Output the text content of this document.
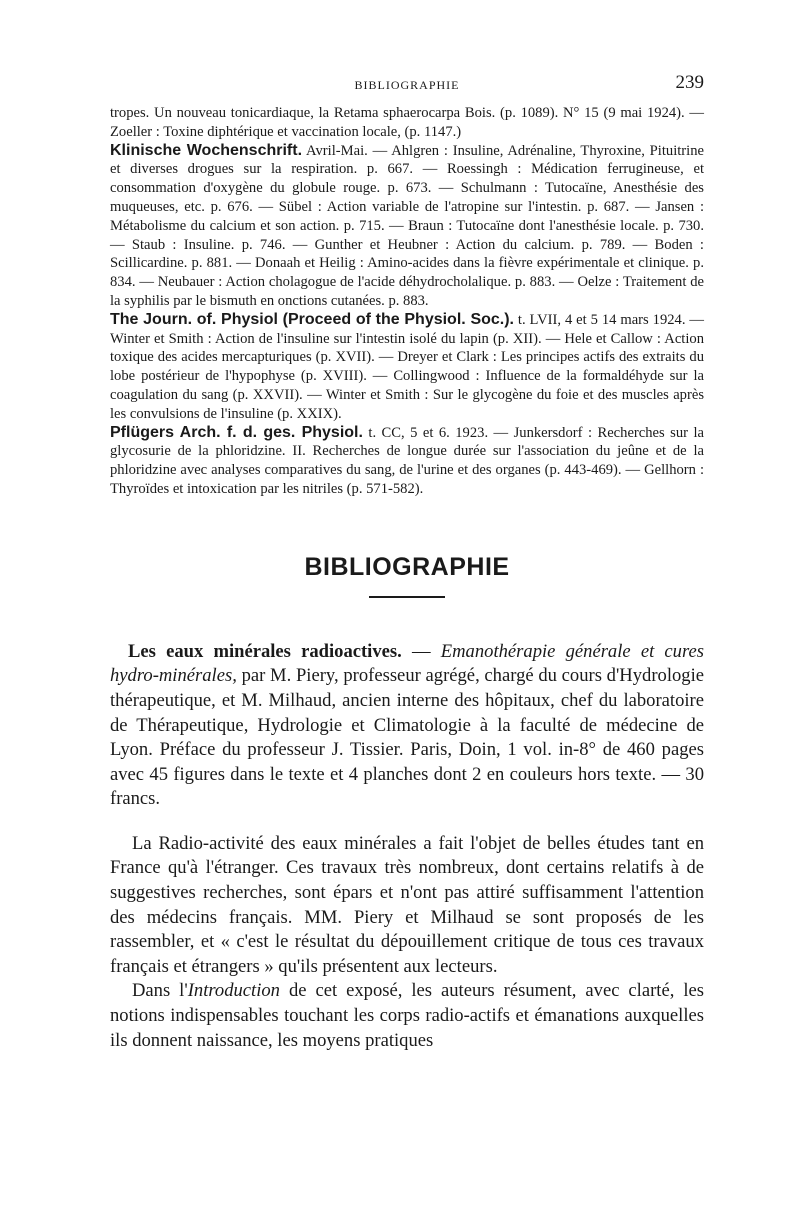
BIBLIOGRAPHIE	239

tropes. Un nouveau tonicardiaque, la Retama sphaerocarpa Bois. (p. 1089). N° 15 (9 mai 1924). — Zoeller : Toxine diphtérique et vaccination locale, (p. 1147.)

Klinische Wochenschrift. Avril-Mai. — Ahlgren : Insuline, Adrénaline, Thyroxine, Pituitrine et diverses drogues sur la respiration. p. 667. — Roessingh : Médication ferrugineuse, et consommation d'oxygène du globule rouge. p. 673. — Schulmann : Tutocaïne, Anesthésie des muqueuses, etc. p. 676. — Sübel : Action variable de l'atropine sur l'intestin. p. 687. — Jansen : Métabolisme du calcium et son action. p. 715. — Braun : Tutocaïne dont l'anesthésie locale. p. 730. — Staub : Insuline. p. 746. — Gunther et Heubner : Action du calcium. p. 789. — Boden : Scillicardine. p. 881. — Donaah et Heilig : Amino-acides dans la fièvre expérimentale et clinique. p. 834. — Neubauer : Action cholagogue de l'acide déhydrocholalique. p. 883. — Oelze : Traitement de la syphilis par le bismuth en onctions cutanées. p. 883.

The Journ. of. Physiol (Proceed of the Physiol. Soc.). t. LVII, 4 et 5 14 mars 1924. — Winter et Smith : Action de l'insuline sur l'intestin isolé du lapin (p. XII). — Hele et Callow : Action toxique des acides mercapturiques (p. XVII). — Dreyer et Clark : Les principes actifs des extraits du lobe postérieur de l'hypophyse (p. XVIII). — Collingwood : Influence de la formaldéhyde sur la coagulation du sang (p. XXVII). — Winter et Smith : Sur le glycogène du foie et des muscles après les convulsions de l'insuline (p. XXIX).

Pflügers Arch. f. d. ges. Physiol. t. CC, 5 et 6. 1923. — Junkersdorf : Recherches sur la glycosurie de la phloridzine. II. Recherches de longue durée sur l'association du jeûne et de la phloridzine avec analyses comparatives du sang, de l'urine et des organes (p. 443-469). — Gellhorn : Thyroïdes et intoxication par les nitriles (p. 571-582).

BIBLIOGRAPHIE

Les eaux minérales radioactives. — Emanothérapie générale et cures hydro-minérales, par M. Piery, professeur agrégé, chargé du cours d'Hydrologie thérapeutique, et M. Milhaud, ancien interne des hôpitaux, chef du laboratoire de Thérapeutique, Hydrologie et Climatologie à la faculté de médecine de Lyon. Préface du professeur J. Tissier. Paris, Doin, 1 vol. in-8° de 460 pages avec 45 figures dans le texte et 4 planches dont 2 en couleurs hors texte. — 30 francs.

La Radio-activité des eaux minérales a fait l'objet de belles études tant en France qu'à l'étranger. Ces travaux très nombreux, dont certains relatifs à de suggestives recherches, sont épars et n'ont pas attiré suffisamment l'attention des médecins français. MM. Piery et Milhaud se sont proposés de les rassembler, et « c'est le résultat du dépouillement critique de tous ces travaux français et étrangers » qu'ils présentent aux lecteurs.

Dans l'Introduction de cet exposé, les auteurs résument, avec clarté, les notions indispensables touchant les corps radio-actifs et émanations auxquelles ils donnent naissance, les moyens pratiques
